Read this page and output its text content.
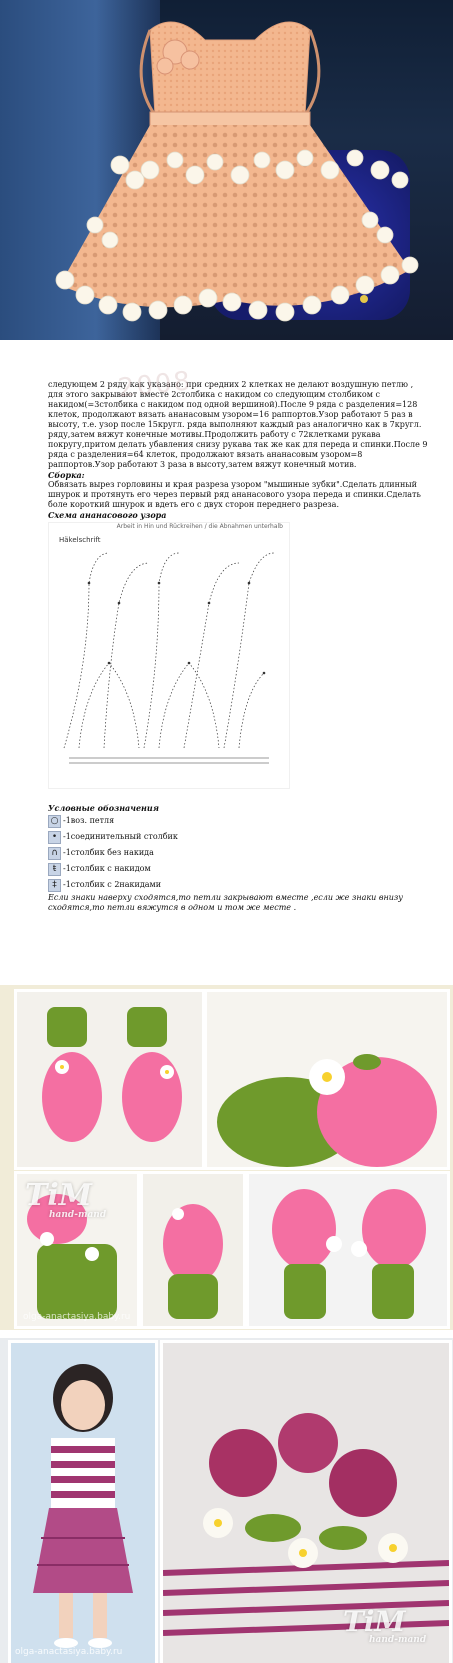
2008

следующем 2 ряду как указано: при средних 2 клетках не делают воздушную петлю , для этого закрывают вместе 2столбика с накидом со следующим столбиком с накидом(=3столбика с накидом под одной вершиной).После 9 ряда с разделения=128 клеток, продолжают вязать ананасовым узором=16 раппортов.Узор работают 5 раз в высоту, т.е. узор после 15кругл. ряда выполняют каждый раз аналогично как в 7кругл. ряду,затем вяжут конечные мотивы.Продолжить работу с 72клетками рукава покругу,притом делать убавления снизу рукава так же как для переда и спинки.После 9 ряда с разделения=64 клеток, продолжают вязать ананасовым узором=8 раппортов.Узор работают 3 раза в высоту,затем вяжут конечный мотив.

Сборка:

Обвязать вырез горловины и края разреза узором "мышиные зубки".Сделать длинный шнурок и протянуть его через первый ряд ананасового узора переда и спинки.Сделать боле короткий шнурок и вдеть его с двух сторон переднего разреза.

Схема ананасового узора

Häkelschrift
Arbeit in Hin und Rückreihen / die Abnahmen unterhalb

Условные обозначения

○ -1воз. петля
• -1соединительный столбик
∩ -1столбик без накида
ŧ -1столбик с накидом
‡ -1столбик с 2накидами

Если знаки наверху сходятся,то петли закрывают вместе ,если же знаки внизу сходятся,то петли вяжутся в одном и том же месте .

TiM
hand-mand
olga-anactasiya.baby.ru
olga-anactasiya.baby.ru
TiM
hand-mand
